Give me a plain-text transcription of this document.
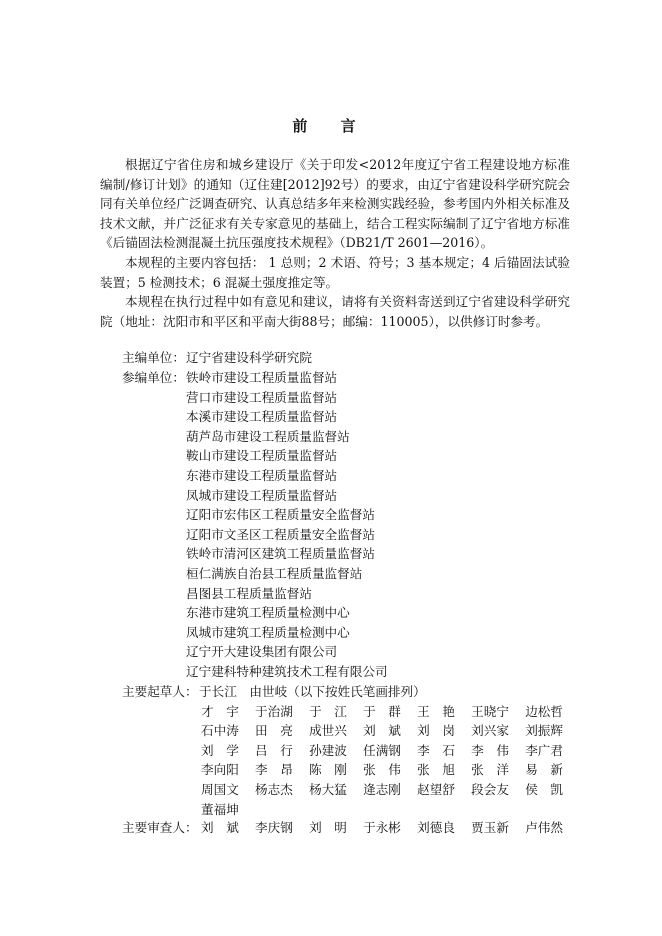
前 言
根据辽宁省住房和城乡建设厅《关于印发<2012年度辽宁省工程建设地方标准编制/修订计划》的通知（辽住建[2012]92号）的要求，由辽宁省建设科学研究院会同有关单位经广泛调查研究、认真总结多年来检测实践经验，参考国内外相关标准及技术文献，并广泛征求有关专家意见的基础上，结合工程实际编制了辽宁省地方标准《后锚固法检测混凝土抗压强度技术规程》（DB21/T 2601—2016）。
本规程的主要内容包括： 1 总则；2 术语、符号；3 基本规定；4 后锚固法试验装置；5 检测技术；6 混凝土强度推定等。
本规程在执行过程中如有意见和建议，请将有关资料寄送到辽宁省建设科学研究院（地址：沈阳市和平区和平南大街88号；邮编：110005），以供修订时参考。
主编单位： 辽宁省建设科学研究院
参编单位： 铁岭市建设工程质量监督站
营口市建设工程质量监督站
本溪市建设工程质量监督站
葫芦岛市建设工程质量监督站
鞍山市建设工程质量监督站
东港市建设工程质量监督站
凤城市建设工程质量监督站
辽阳市宏伟区工程质量安全监督站
辽阳市文圣区工程质量安全监督站
铁岭市清河区建筑工程质量监督站
桓仁满族自治县工程质量监督站
昌图县工程质量监督站
东港市建筑工程质量检测中心
凤城市建筑工程质量检测中心
辽宁开大建设集团有限公司
辽宁建科特种建筑技术工程有限公司
主要起草人： 于长江　由世岐（以下按姓氏笔画排列）
才　宇 于治湖 于　江 于　群 王　艳 王晓宁 边松哲
石中涛 田　亮 成世兴 刘　斌 刘　岗 刘兴家 刘振辉
刘　学 吕　行 孙建波 任满钢 李　石 李　伟 李广君
李向阳 李　昂 陈　刚 张　伟 张　旭 张　洋 易　新
周国文 杨志杰 杨大猛 逄志刚 赵望舒 段会友 侯　凯
董福坤
主要审查人： 刘　斌 李庆钢 刘　明 于永彬 刘德良 贾玉新 卢伟然
